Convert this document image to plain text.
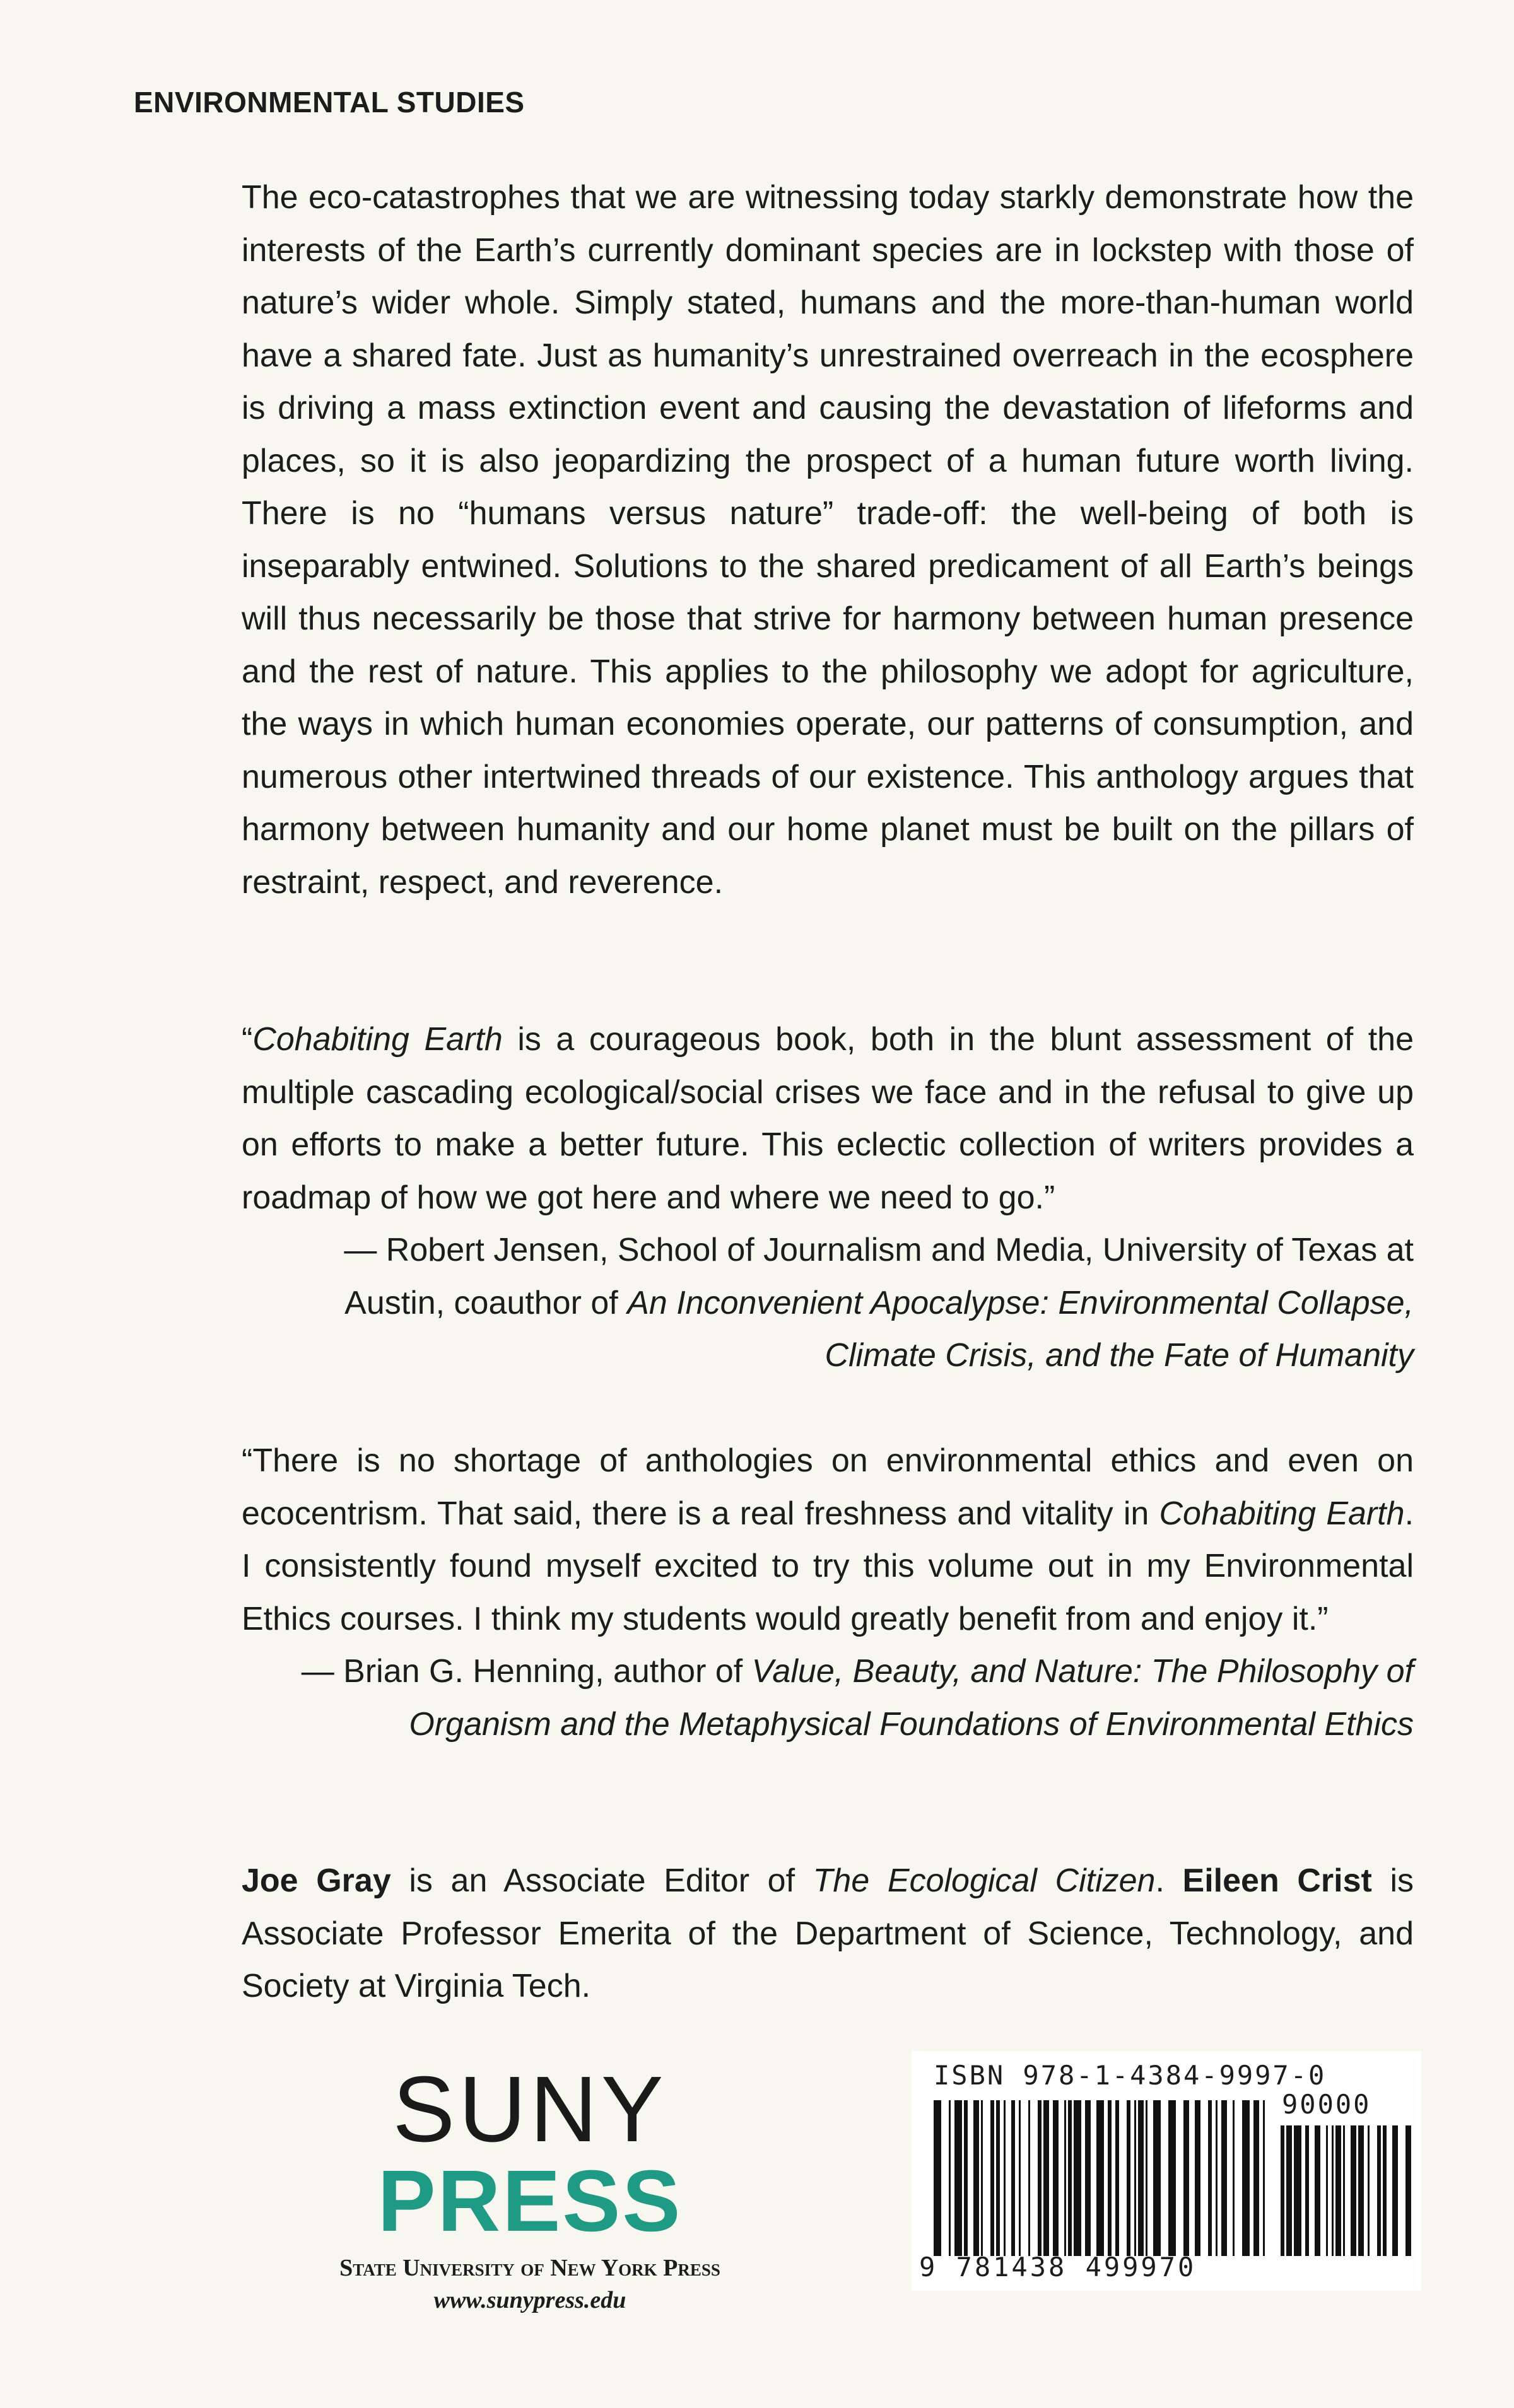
ENVIRONMENTAL STUDIES

The eco-catastrophes that we are witnessing today starkly demonstrate how the interests of the Earth’s currently dominant species are in lockstep with those of nature’s wider whole. Simply stated, humans and the more-than-human world have a shared fate. Just as humanity’s unrestrained overreach in the ecosphere is driving a mass extinction event and causing the devastation of lifeforms and places, so it is also jeopardizing the prospect of a human future worth living. There is no “humans versus nature” trade-off: the well-being of both is inseparably entwined. Solutions to the shared predicament of all Earth’s beings will thus necessarily be those that strive for harmony between human presence and the rest of nature. This applies to the philosophy we adopt for agriculture, the ways in which human economies operate, our patterns of consumption, and numerous other intertwined threads of our existence. This anthology argues that harmony between humanity and our home planet must be built on the pillars of restraint, respect, and reverence.

“Cohabiting Earth is a courageous book, both in the blunt assessment of the multiple cascading ecological/social crises we face and in the refusal to give up on efforts to make a better future. This eclectic collection of writers provides a roadmap of how we got here and where we need to go.”

— Robert Jensen, School of Journalism and Media, University of Texas at Austin, coauthor of An Inconvenient Apocalypse: Environmental Collapse, Climate Crisis, and the Fate of Humanity

“There is no shortage of anthologies on environmental ethics and even on ecocentrism. That said, there is a real freshness and vitality in Cohabiting Earth. I consistently found myself excited to try this volume out in my Environmental Ethics courses. I think my students would greatly benefit from and enjoy it.”

— Brian G. Henning, author of Value, Beauty, and Nature: The Philosophy of Organism and the Metaphysical Foundations of Environmental Ethics

Joe Gray is an Associate Editor of The Ecological Citizen. Eileen Crist is Associate Professor Emerita of the Department of Science, Technology, and Society at Virginia Tech.

SUNY
PRESS
State University of New York Press
www.sunypress.edu
ISBN 978-1-4384-9997-0
90000
9 781438 499970
